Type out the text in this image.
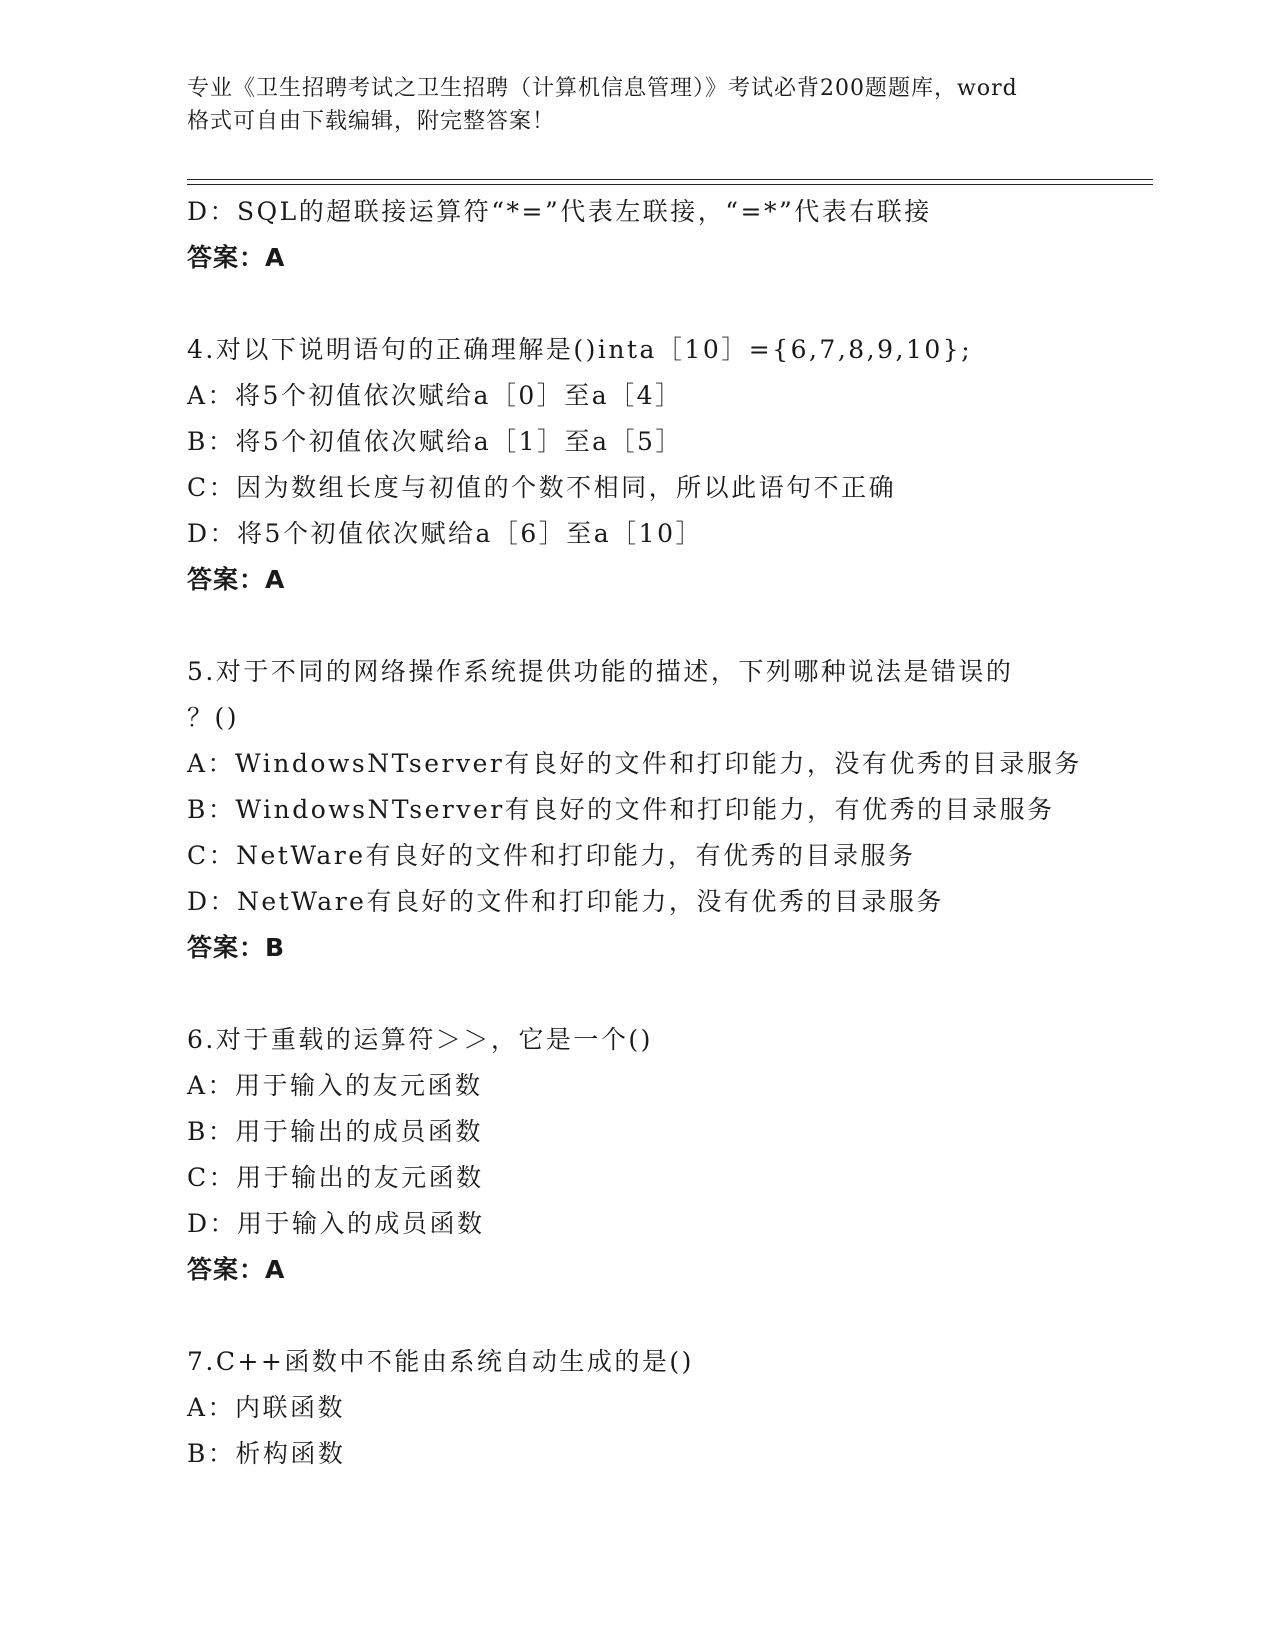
专业《卫生招聘考试之卫生招聘（计算机信息管理）》考试必背200题题库，word
格式可自由下载编辑，附完整答案！
D：SQL的超联接运算符“*=”代表左联接，“=*”代表右联接
答案：A
4.对以下说明语句的正确理解是()inta［10］={6,7,8,9,10};
A：将5个初值依次赋给a［0］至a［4］
B：将5个初值依次赋给a［1］至a［5］
C：因为数组长度与初值的个数不相同，所以此语句不正确
D：将5个初值依次赋给a［6］至a［10］
答案：A
5.对于不同的网络操作系统提供功能的描述，下列哪种说法是错误的
？()
A：WindowsNTserver有良好的文件和打印能力，没有优秀的目录服务
B：WindowsNTserver有良好的文件和打印能力，有优秀的目录服务
C：NetWare有良好的文件和打印能力，有优秀的目录服务
D：NetWare有良好的文件和打印能力，没有优秀的目录服务
答案：B
6.对于重载的运算符＞＞，它是一个()
A：用于输入的友元函数
B：用于输出的成员函数
C：用于输出的友元函数
D：用于输入的成员函数
答案：A
7.C++函数中不能由系统自动生成的是()
A：内联函数
B：析构函数
